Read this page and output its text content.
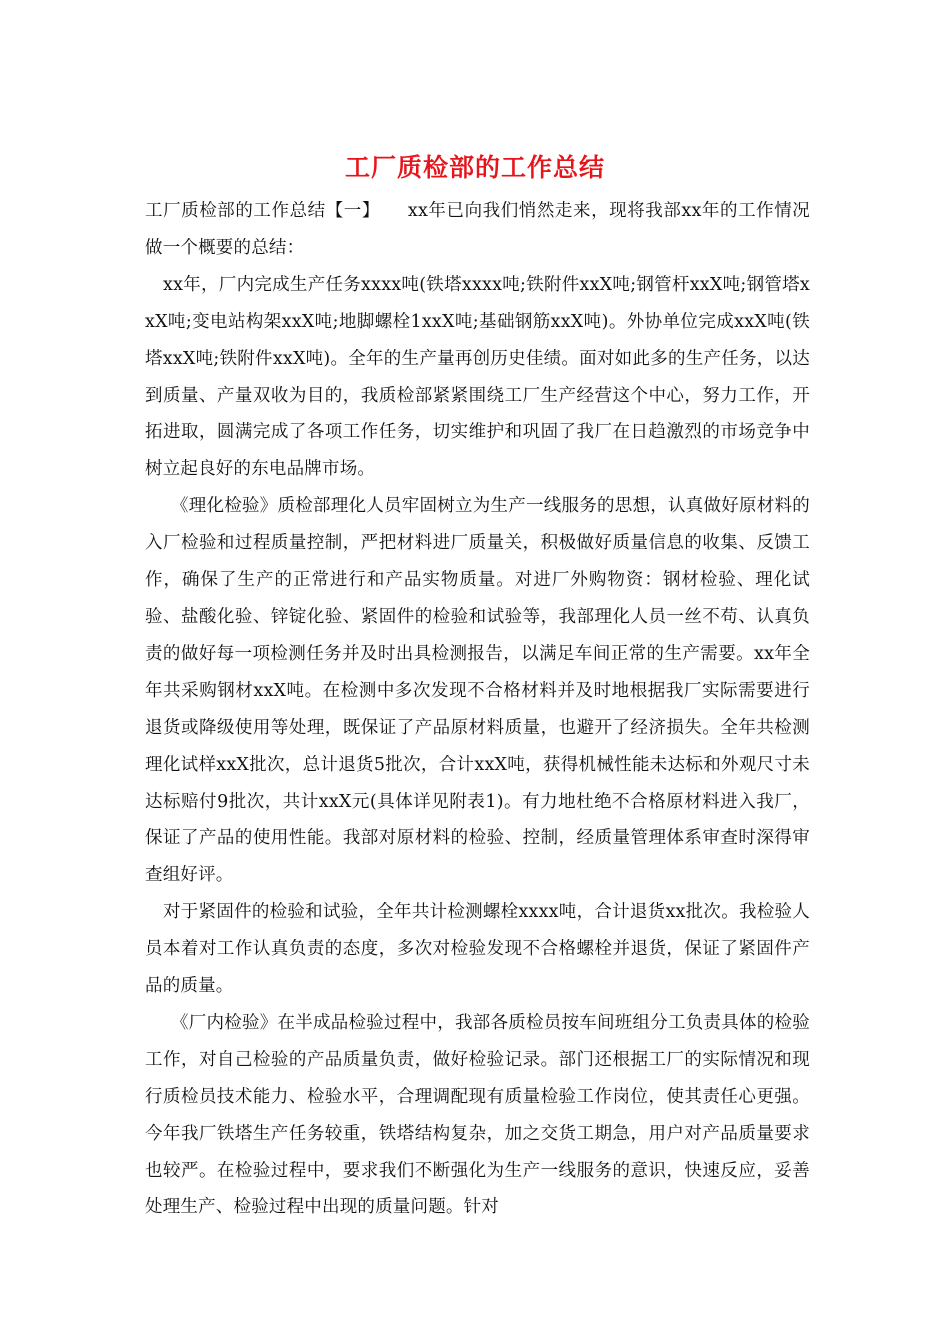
工厂质检部的工作总结

工厂质检部的工作总结【一】 xx年已向我们悄然走来，现将我部xx年的工作情况做一个概要的总结：

xx年，厂内完成生产任务xxxx吨(铁塔xxxx吨;铁附件xxX吨;钢管杆xxX吨;钢管塔xxX吨;变电站构架xxX吨;地脚螺栓1xxX吨;基础钢筋xxX吨)。外协单位完成xxX吨(铁塔xxX吨;铁附件xxX吨)。全年的生产量再创历史佳绩。面对如此多的生产任务，以达到质量、产量双收为目的，我质检部紧紧围绕工厂生产经营这个中心，努力工作，开拓进取，圆满完成了各项工作任务，切实维护和巩固了我厂在日趋激烈的市场竞争中树立起良好的东电品牌市场。

《理化检验》质检部理化人员牢固树立为生产一线服务的思想，认真做好原材料的入厂检验和过程质量控制，严把材料进厂质量关，积极做好质量信息的收集、反馈工作，确保了生产的正常进行和产品实物质量。对进厂外购物资：钢材检验、理化试验、盐酸化验、锌锭化验、紧固件的检验和试验等，我部理化人员一丝不苟、认真负责的做好每一项检测任务并及时出具检测报告，以满足车间正常的生产需要。xx年全年共采购钢材xxX吨。在检测中多次发现不合格材料并及时地根据我厂实际需要进行退货或降级使用等处理，既保证了产品原材料质量，也避开了经济损失。全年共检测理化试样xxX批次，总计退货5批次，合计xxX吨，获得机械性能未达标和外观尺寸未达标赔付9批次，共计xxX元(具体详见附表1)。有力地杜绝不合格原材料进入我厂，保证了产品的使用性能。我部对原材料的检验、控制，经质量管理体系审查时深得审查组好评。

对于紧固件的检验和试验，全年共计检测螺栓xxxx吨，合计退货xx批次。我检验人员本着对工作认真负责的态度，多次对检验发现不合格螺栓并退货，保证了紧固件产品的质量。

《厂内检验》在半成品检验过程中，我部各质检员按车间班组分工负责具体的检验工作，对自己检验的产品质量负责，做好检验记录。部门还根据工厂的实际情况和现行质检员技术能力、检验水平，合理调配现有质量检验工作岗位，使其责任心更强。今年我厂铁塔生产任务较重，铁塔结构复杂，加之交货工期急，用户对产品质量要求也较严。在检验过程中，要求我们不断强化为生产一线服务的意识，快速反应，妥善处理生产、检验过程中出现的质量问题。针对
